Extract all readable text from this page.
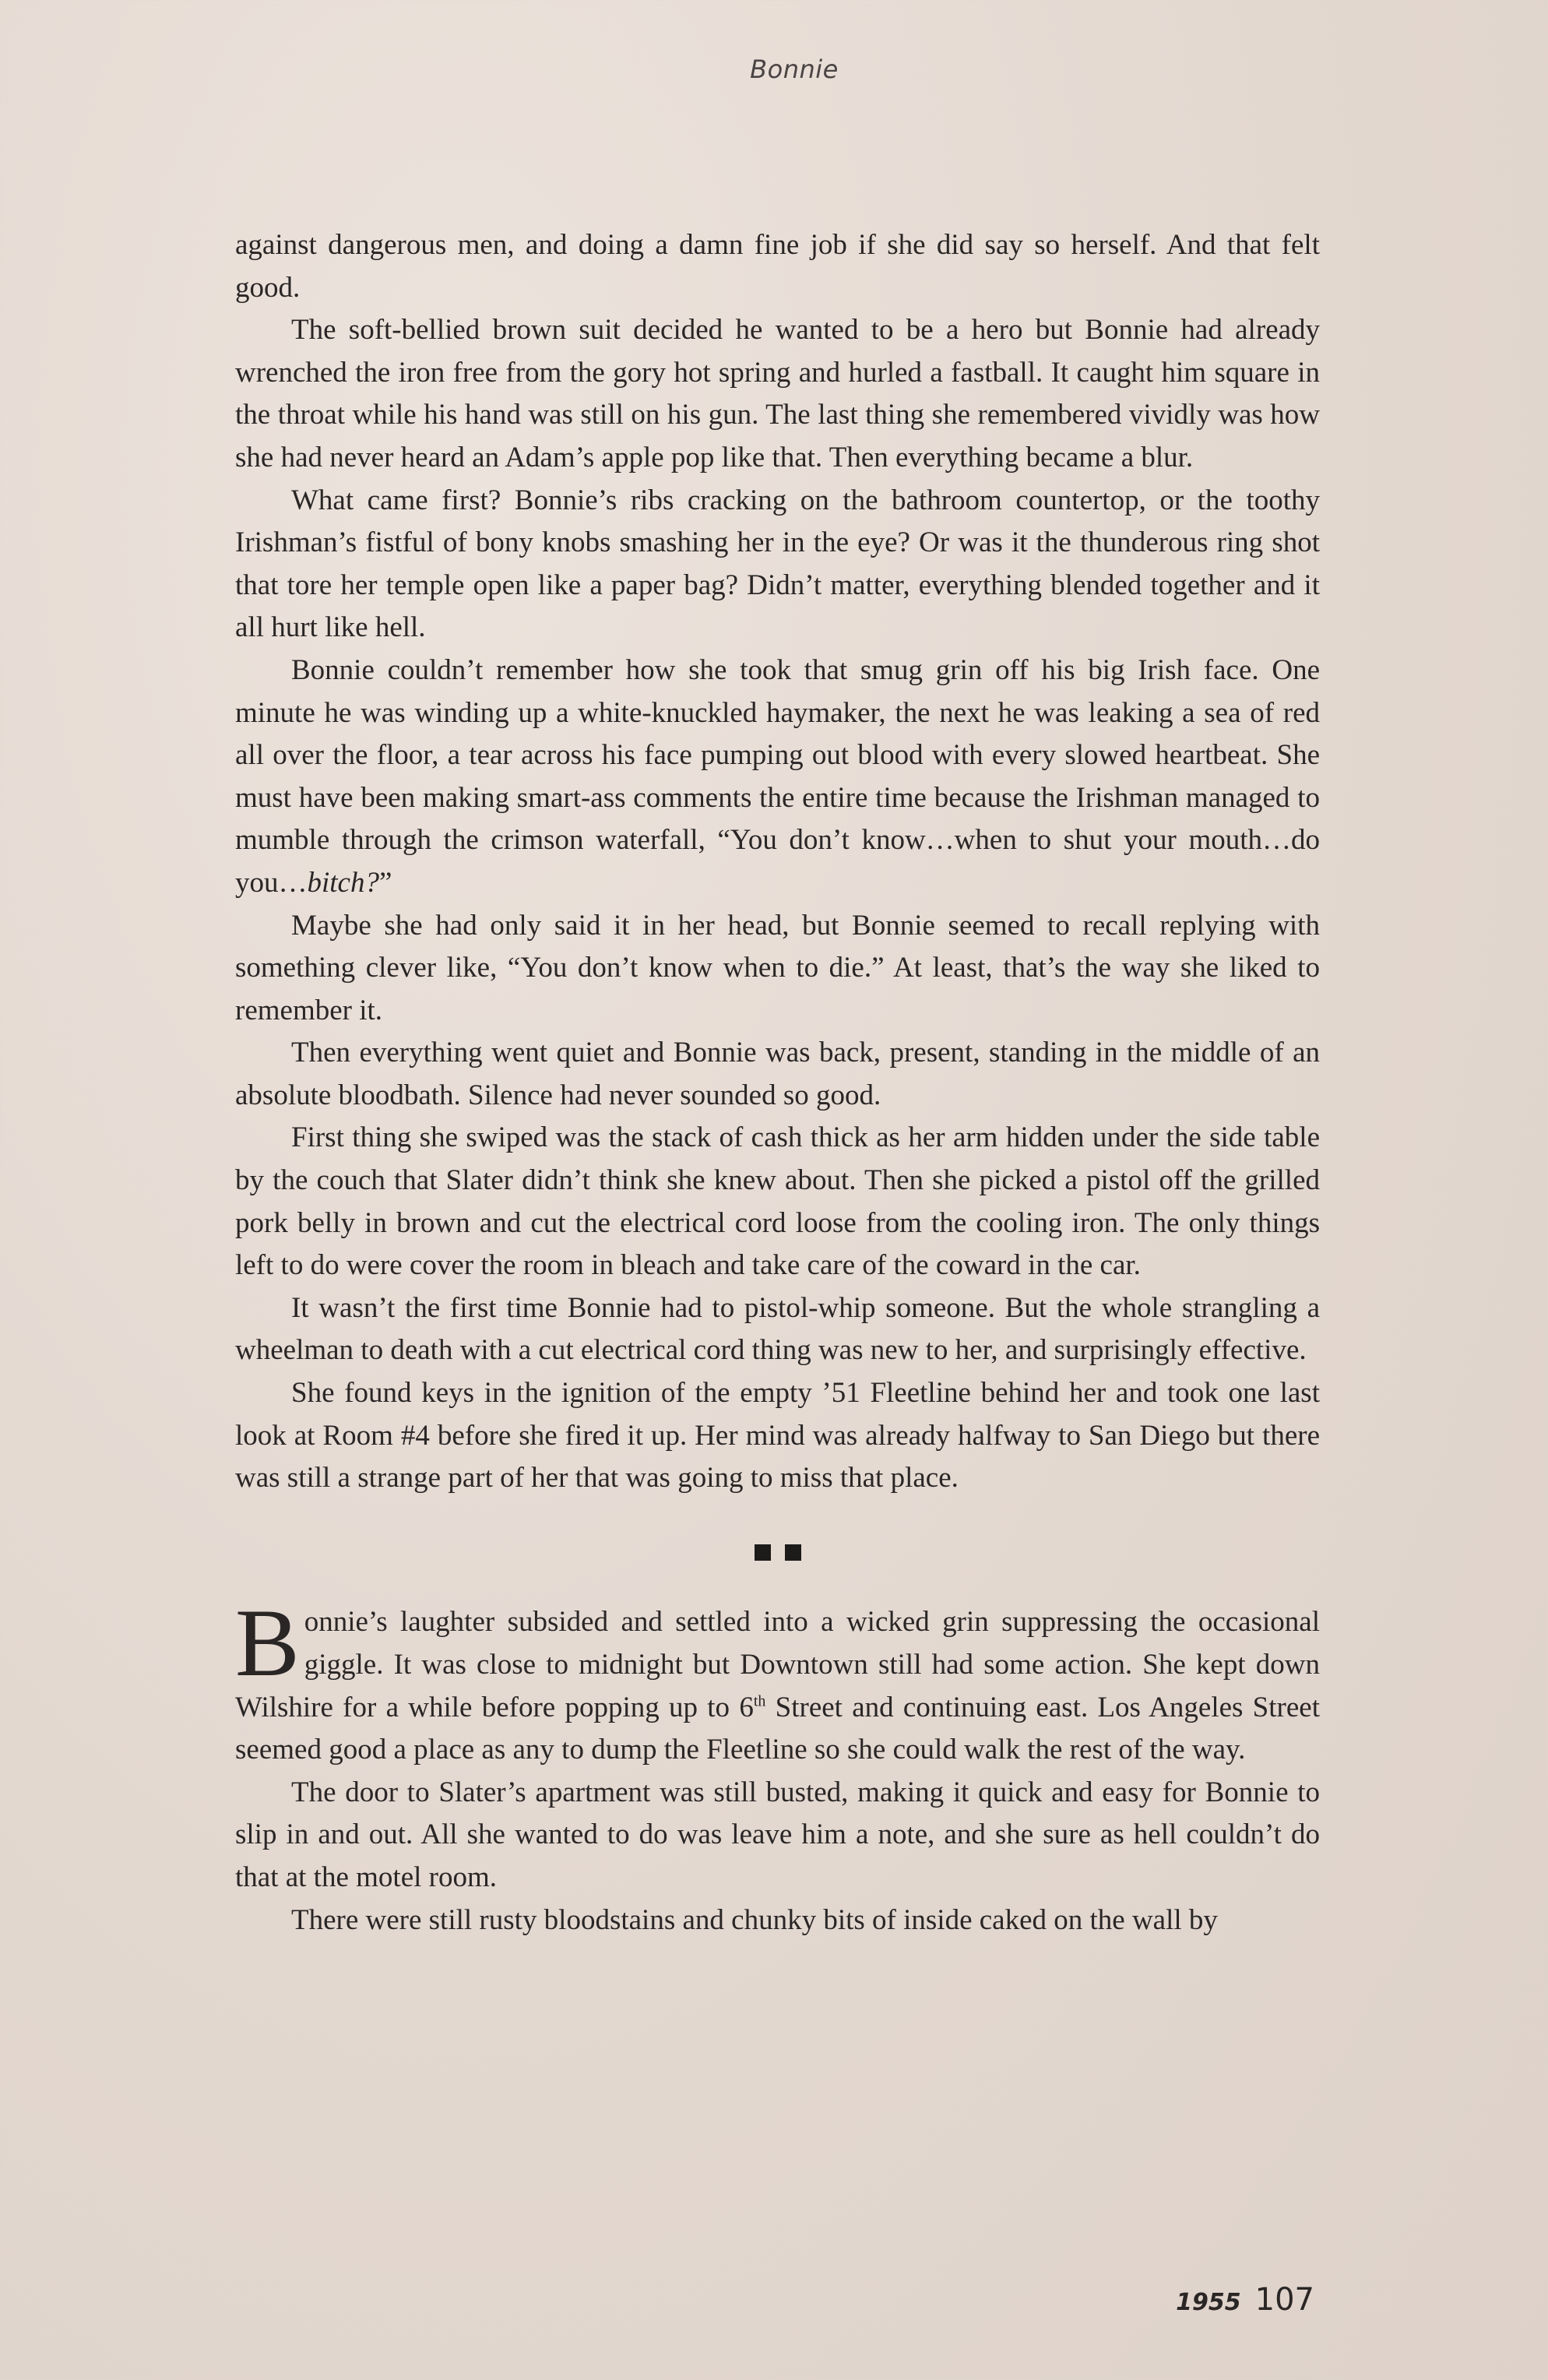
Bonnie

against dangerous men, and doing a damn fine job if she did say so herself. And that felt good.

The soft-bellied brown suit decided he wanted to be a hero but Bonnie had already wrenched the iron free from the gory hot spring and hurled a fastball. It caught him square in the throat while his hand was still on his gun. The last thing she remembered vividly was how she had never heard an Adam’s apple pop like that. Then everything became a blur.

What came first? Bonnie’s ribs cracking on the bathroom countertop, or the toothy Irishman’s fistful of bony knobs smashing her in the eye? Or was it the thunderous ring shot that tore her temple open like a paper bag? Didn’t matter, everything blended together and it all hurt like hell.

Bonnie couldn’t remember how she took that smug grin off his big Irish face. One minute he was winding up a white-knuckled haymaker, the next he was leaking a sea of red all over the floor, a tear across his face pumping out blood with every slowed heartbeat. She must have been making smart-ass comments the entire time because the Irishman managed to mumble through the crimson waterfall, “You don’t know…when to shut your mouth…do you…bitch?”

Maybe she had only said it in her head, but Bonnie seemed to recall replying with something clever like, “You don’t know when to die.” At least, that’s the way she liked to remember it.

Then everything went quiet and Bonnie was back, present, standing in the middle of an absolute bloodbath. Silence had never sounded so good.

First thing she swiped was the stack of cash thick as her arm hidden under the side table by the couch that Slater didn’t think she knew about. Then she picked a pistol off the grilled pork belly in brown and cut the electrical cord loose from the cooling iron. The only things left to do were cover the room in bleach and take care of the coward in the car.

It wasn’t the first time Bonnie had to pistol-whip someone. But the whole strangling a wheelman to death with a cut electrical cord thing was new to her, and surprisingly effective.

She found keys in the ignition of the empty ’51 Fleetline behind her and took one last look at Room #4 before she fired it up. Her mind was already halfway to San Diego but there was still a strange part of her that was going to miss that place.

Bonnie’s laughter subsided and settled into a wicked grin suppressing the occasional giggle. It was close to midnight but Downtown still had some action. She kept down Wilshire for a while before popping up to 6th Street and continuing east. Los Angeles Street seemed good a place as any to dump the Fleetline so she could walk the rest of the way.

The door to Slater’s apartment was still busted, making it quick and easy for Bonnie to slip in and out. All she wanted to do was leave him a note, and she sure as hell couldn’t do that at the motel room.

There were still rusty bloodstains and chunky bits of inside caked on the wall by

1955 107
